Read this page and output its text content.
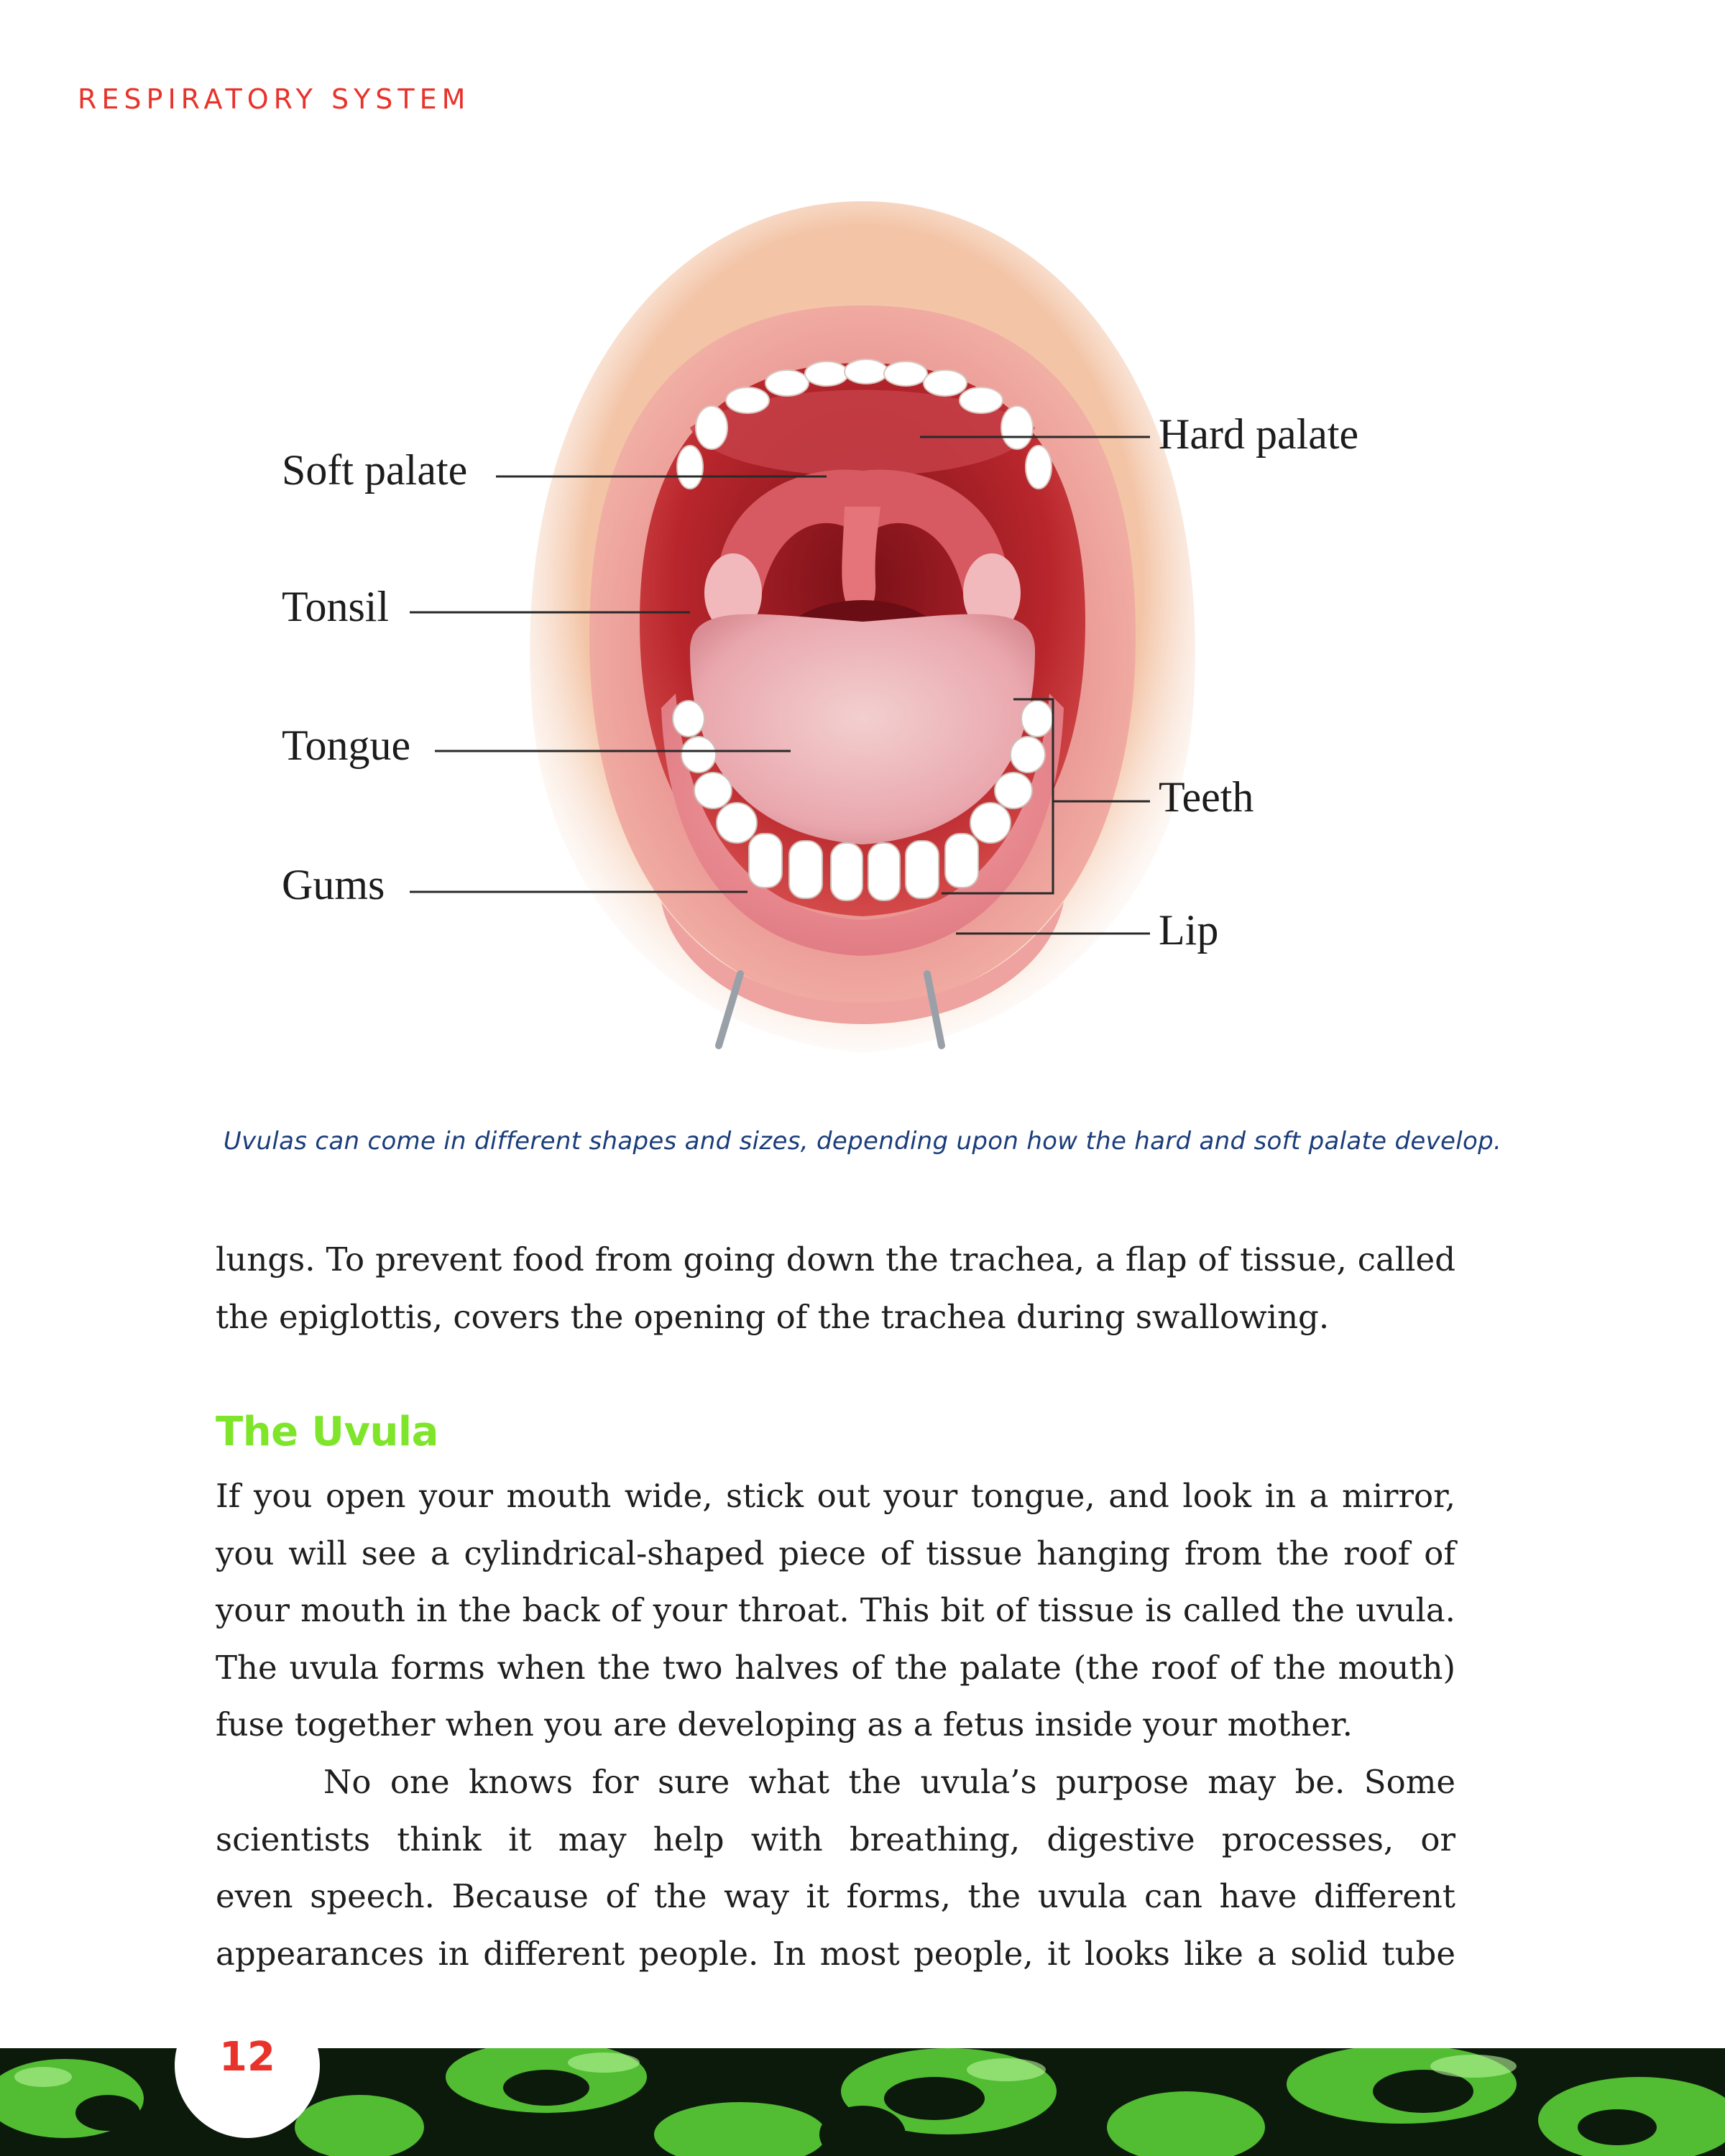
RESPIRATORY SYSTEM
Soft palate
Tonsil
Tongue
Gums
Hard palate
Teeth
Lip
Uvulas can come in different shapes and sizes, depending upon how the hard and soft palate develop.

lungs. To prevent food from going down the trachea, a flap of tissue, called
the epiglottis, covers the opening of the trachea during swallowing.

The Uvula

If you open your mouth wide, stick out your tongue, and look in a mirror,
you will see a cylindrical-shaped piece of tissue hanging from the roof of
your mouth in the back of your throat. This bit of tissue is called the uvula.
The uvula forms when the two halves of the palate (the roof of the mouth)
fuse together when you are developing as a fetus inside your mother.

No one knows for sure what the uvula’s purpose may be. Some
scientists think it may help with breathing, digestive processes, or
even speech. Because of the way it forms, the uvula can have different
appearances in different people. In most people, it looks like a solid tube

12
